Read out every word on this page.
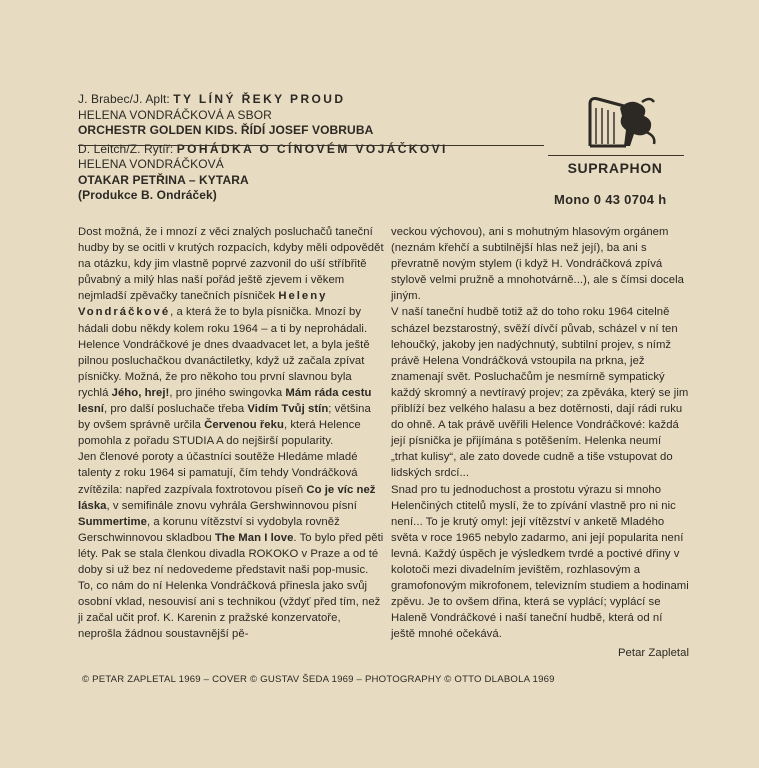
J. Brabec/J. Aplt: TY LÍNÝ ŘEKY PROUD
HELENA VONDRÁČKOVÁ A SBOR
ORCHESTR GOLDEN KIDS. ŘÍDÍ JOSEF VOBRUBA
D. Leitch/Z. Rytíř: POHÁDKA O CÍNOVÉM VOJÁČKOVI
HELENA VONDRÁČKOVÁ
OTAKAR PETŘINA – KYTARA
(Produkce B. Ondráček)
SUPRAPHON
Mono 0 43 0704 h

Dost možná, že i mnozí z věci znalých posluchačů taneční hudby by se ocitli v krutých rozpacích, kdyby měli odpovědět na otázku, kdy jim vlastně poprvé zazvonil do uší stříbřitě půvabný a milý hlas naší pořád ještě zjevem i věkem nejmladší zpěvačky tanečních písniček Heleny Vondráčkové, a která že to byla písnička. Mnozí by hádali dobu někdy kolem roku 1964 – a ti by neprohádali. Helence Vondráčkové je dnes dvaadvacet let, a byla ještě pilnou posluchačkou dvanáctiletky, když už začala zpívat písničky. Možná, že pro někoho tou první slavnou byla rychlá Jého, hrej!, pro jiného swingovka Mám ráda cestu lesní, pro další posluchače třeba Vidím Tvůj stín; většina by ovšem správně určila Červenou řeku, která Helence pomohla z pořadu STUDIA A do nejširší popularity.

Jen členové poroty a účastníci soutěže Hledáme mladé talenty z roku 1964 si pamatují, čím tehdy Vondráčková zvítězila: napřed zazpívala foxtrotovou píseň Co je víc než láska, v semifinále znovu vyhrála Gershwinnovou písní Summertime, a korunu vítězství si vydobyla rovněž Gerschwinnovou skladbou The Man I love. To bylo před pěti léty. Pak se stala členkou divadla ROKOKO v Praze a od té doby si už bez ní nedovedeme představit naši pop-music. To, co nám do ní Helenka Vondráčková přinesla jako svůj osobní vklad, nesouvisí ani s technikou (vždyť před tím, než ji začal učit prof. K. Karenin z pražské konzervatoře, neprošla žádnou soustavnější pě-

veckou výchovou), ani s mohutným hlasovým orgánem (neznám křehčí a subtilnější hlas než její), ba ani s převratně novým stylem (i když H. Vondráčková zpívá stylově velmi pružně a mnohotvárně...), ale s čímsi docela jiným.

V naší taneční hudbě totiž až do toho roku 1964 citelně scházel bezstarostný, svěží dívčí půvab, scházel v ní ten lehoučký, jakoby jen nadýchnutý, subtilní projev, s nímž právě Helena Vondráčková vstoupila na prkna, jež znamenají svět. Posluchačům je nesmírně sympatický každý skromný a nevtíravý projev; za zpěváka, který se jim přiblíží bez velkého halasu a bez dotěrnosti, dají rádi ruku do ohně. A tak právě uvěřili Helence Vondráčkové: každá její písnička je přijímána s potěšením. Helenka neumí „trhat kulisy“, ale zato dovede cudně a tiše vstupovat do lidských srdcí...

Snad pro tu jednoduchost a prostotu výrazu si mnoho Helenčiných ctitelů myslí, že to zpívání vlastně pro ni nic není... To je krutý omyl: její vítězství v anketě Mladého světa v roce 1965 nebylo zadarmo, ani její popularita není levná. Každý úspěch je výsledkem tvrdé a poctivé dřiny v kolotoči mezi divadelním jevištěm, rozhlasovým a gramofonovým mikrofonem, televizním studiem a hodinami zpěvu. Je to ovšem dřina, která se vyplácí; vyplácí se Haleně Vondráčkové i naší taneční hudbě, která od ní ještě mnohé očekává.

Petar Zapletal

© PETAR ZAPLETAL 1969 – COVER © GUSTAV ŠEDA 1969 – PHOTOGRAPHY © OTTO DLABOLA 1969
